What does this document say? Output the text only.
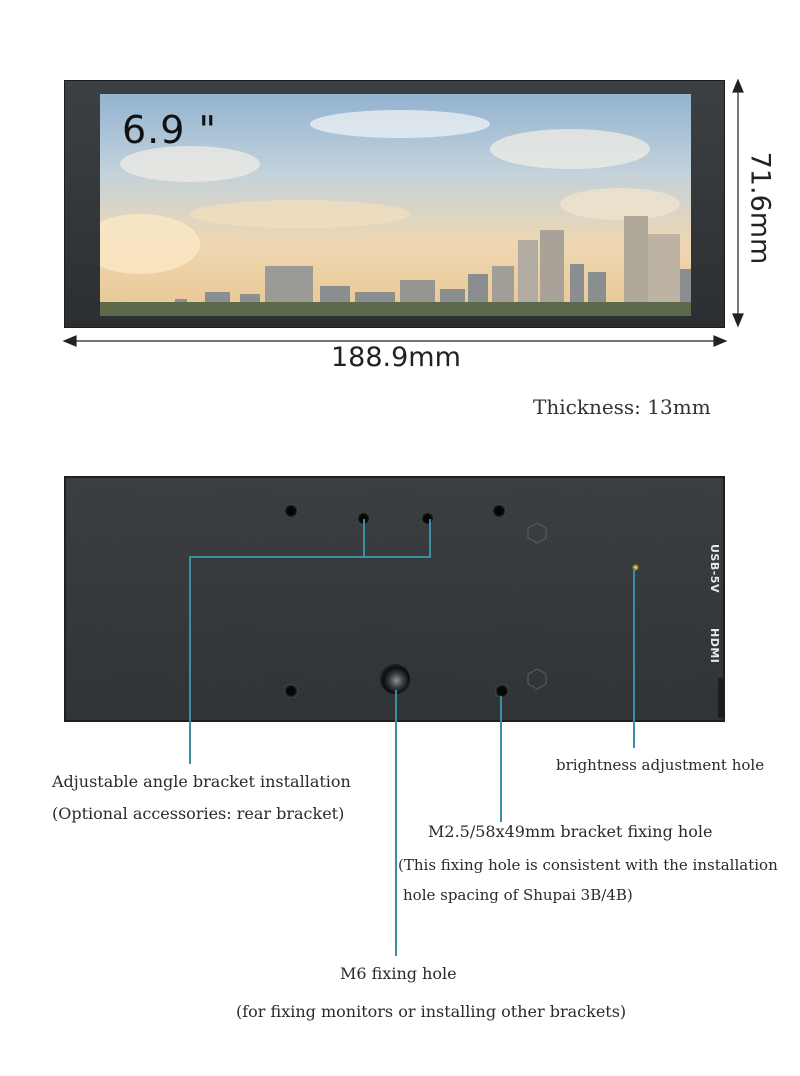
6.9 "
188.9mm
71.6mm
Thickness: 13mm
USB-5V
HDMI
Adjustable angle bracket installation
(Optional accessories: rear bracket)
brightness adjustment hole
M2.5/58x49mm bracket fixing hole
(This fixing hole is consistent with the installation
hole spacing of Shupai 3B/4B)
M6 fixing hole
(for fixing monitors or installing other brackets)
